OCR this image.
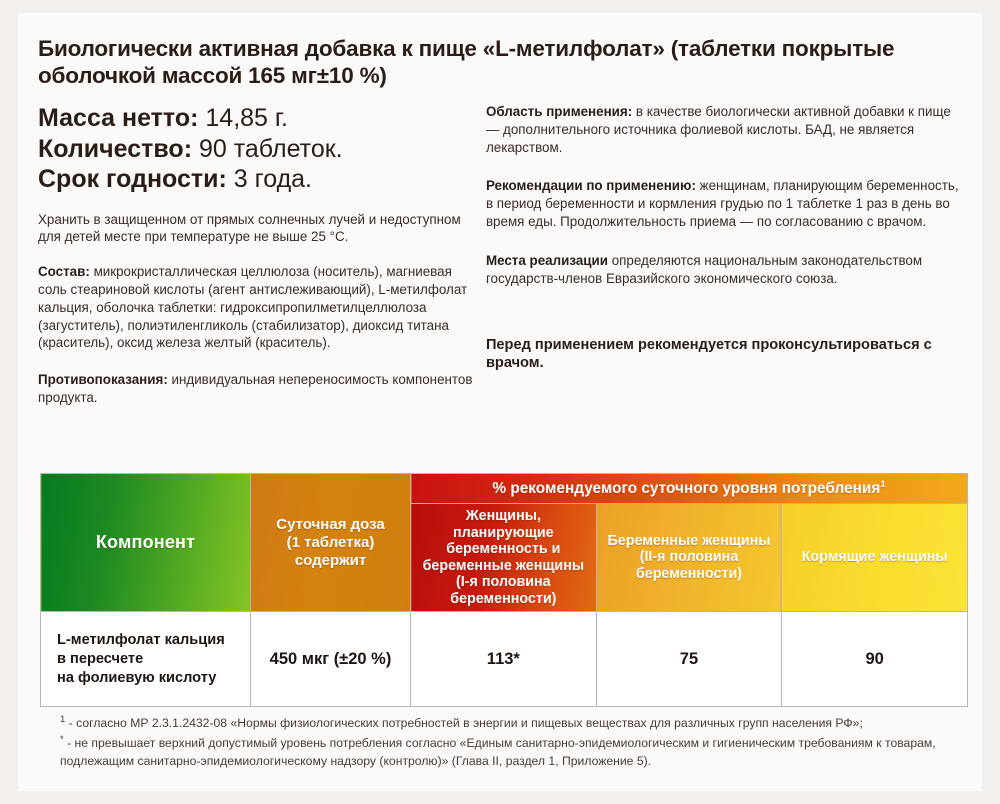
Биологически активная добавка к пище «L-метилфолат» (таблетки покрытые оболочкой массой 165 мг±10 %)
Масса нетто: 14,85 г.
Количество: 90 таблеток.
Срок годности: 3 года.
Хранить в защищенном от прямых солнечных лучей и недоступном для детей месте при температуре не выше 25 °C.
Состав: микрокристаллическая целлюлоза (носитель), магниевая соль стеариновой кислоты (агент антислеживающий), L-метилфолат кальция, оболочка таблетки: гидроксипропилметилцеллюлоза (загуститель), полиэтиленгликоль (стабилизатор), диоксид титана (краситель), оксид железа желтый (краситель).
Противопоказания: индивидуальная непереносимость компонентов продукта.
Область применения: в качестве биологически активной добавки к пище — дополнительного источника фолиевой кислоты. БАД, не является лекарством.
Рекомендации по применению: женщинам, планирующим беременность, в период беременности и кормления грудью по 1 таблетке 1 раз в день во время еды. Продолжительность приема — по согласованию с врачом.
Места реализации определяются национальным законодательством государств-членов Евразийского экономического союза.
Перед применением рекомендуется проконсультироваться с врачом.
Компонент	Суточная доза
(1 таблетка)
содержит	% рекомендуемого суточного уровня потребления$^1$
		Женщины, планирующие беременность и беременные женщины (I-я половина беременности)	Беременные женщины (II-я половина беременности)	Кормящие женщины
L-метилфолат кальция
в пересчете
на фолиевую кислоту	450 мкг (±20 %)	113*	75	90
$^1$ - согласно МР 2.3.1.2432-08 «Нормы физиологических потребностей в энергии и пищевых веществах для различных групп населения РФ»;
* - не превышает верхний допустимый уровень потребления согласно «Единым санитарно-эпидемиологическим и гигиеническим требованиям к товарам, подлежащим санитарно-эпидемиологическому надзору (контролю)» (Глава II, раздел 1, Приложение 5).
